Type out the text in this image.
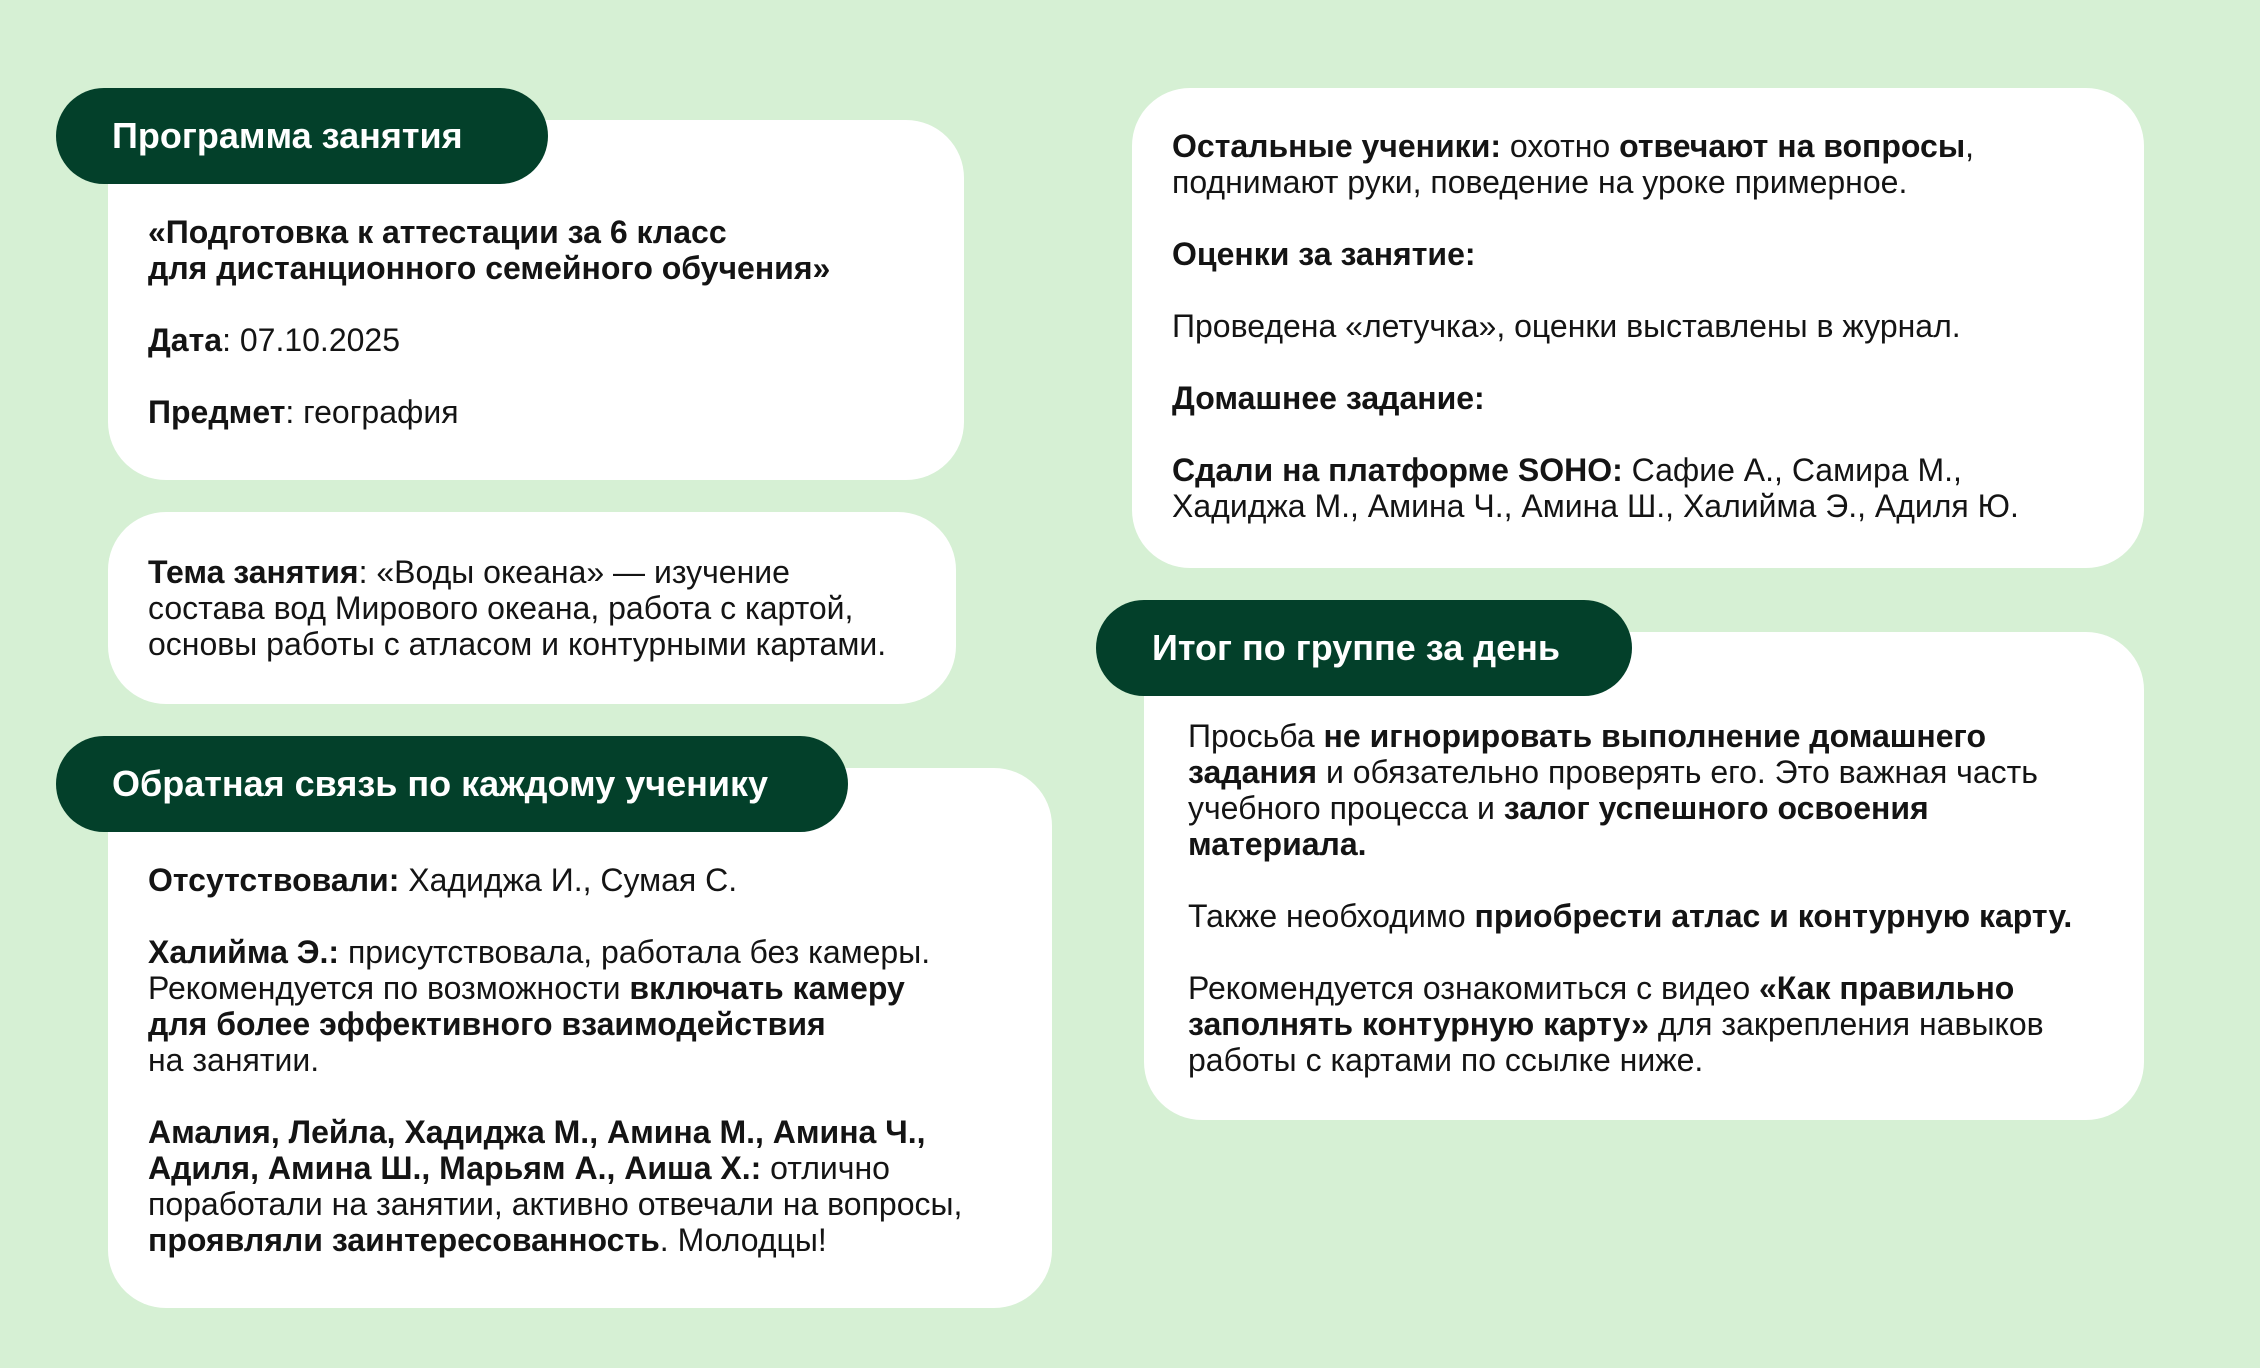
Программа занятия
«Подготовка к аттестации за 6 класс
для дистанционного семейного обучения»
Дата: 07.10.2025
Предмет: география
Тема занятия: «Воды океана» — изучение
состава вод Мирового океана, работа с картой,
основы работы с атласом и контурными картами.
Обратная связь по каждому ученику
Отсутствовали: Хадиджа И., Сумая С.
Халийма Э.: присутствовала, работала без камеры.
Рекомендуется по возможности включать камеру
для более эффективного взаимодействия
на занятии.
Амалия, Лейла, Хадиджа М., Амина М., Амина Ч.,
Адиля, Амина Ш., Марьям А., Аиша Х.: отлично
поработали на занятии, активно отвечали на вопросы,
проявляли заинтересованность. Молодцы!
Остальные ученики: охотно отвечают на вопросы,
поднимают руки, поведение на уроке примерное.
Оценки за занятие:
Проведена «летучка», оценки выставлены в журнал.
Домашнее задание:
Сдали на платформе SOHO: Сафие А., Самира М.,
Хадиджа М., Амина Ч., Амина Ш., Халийма Э., Адиля Ю.
Итог по группе за день
Просьба не игнорировать выполнение домашнего
задания и обязательно проверять его. Это важная часть
учебного процесса и залог успешного освоения
материала.
Также необходимо приобрести атлас и контурную карту.
Рекомендуется ознакомиться с видео «Как правильно
заполнять контурную карту» для закрепления навыков
работы с картами по ссылке ниже.
